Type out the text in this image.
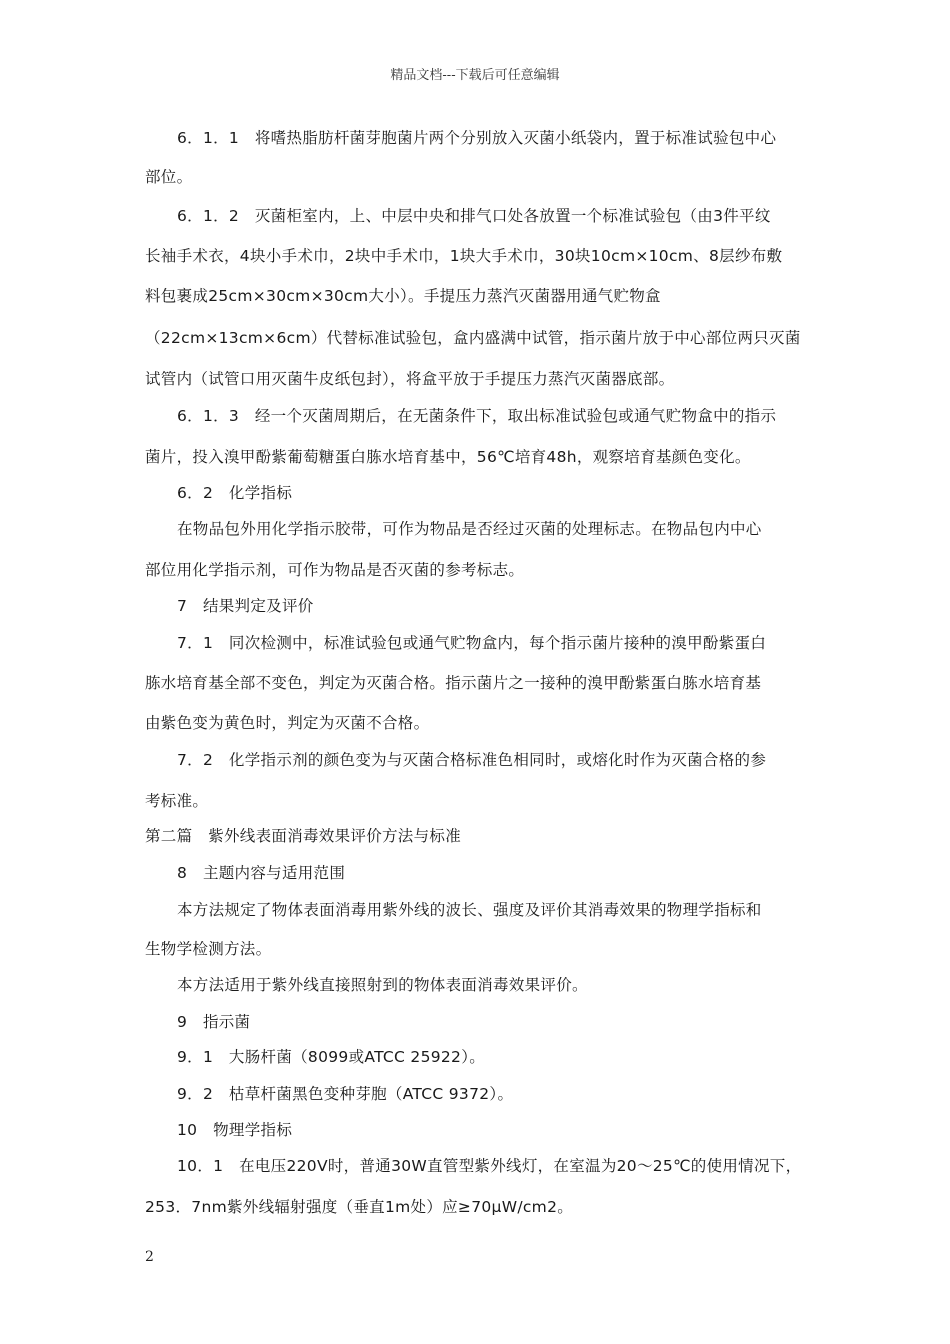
精品文档---下载后可任意编辑
6．1．1　将嗜热脂肪杆菌芽胞菌片两个分别放入灭菌小纸袋内，置于标准试验包中心
部位。
6．1．2　灭菌柜室内，上、中层中央和排气口处各放置一个标准试验包（由3件平纹
长袖手术衣，4块小手术巾，2块中手术巾，1块大手术巾，30块10cm×10cm、8层纱布敷
料包裹成25cm×30cm×30cm大小）。手提压力蒸汽灭菌器用通气贮物盒
（22cm×13cm×6cm）代替标准试验包，盒内盛满中试管，指示菌片放于中心部位两只灭菌
试管内（试管口用灭菌牛皮纸包封），将盒平放于手提压力蒸汽灭菌器底部。
6．1．3　经一个灭菌周期后，在无菌条件下，取出标准试验包或通气贮物盒中的指示
菌片，投入溴甲酚紫葡萄糖蛋白胨水培育基中，56℃培育48h，观察培育基颜色变化。
6．2　化学指标
在物品包外用化学指示胶带，可作为物品是否经过灭菌的处理标志。在物品包内中心
部位用化学指示剂，可作为物品是否灭菌的参考标志。
7　结果判定及评价
7．1　同次检测中，标准试验包或通气贮物盒内，每个指示菌片接种的溴甲酚紫蛋白
胨水培育基全部不变色，判定为灭菌合格。指示菌片之一接种的溴甲酚紫蛋白胨水培育基
由紫色变为黄色时，判定为灭菌不合格。
7．2　化学指示剂的颜色变为与灭菌合格标准色相同时，或熔化时作为灭菌合格的参
考标准。
第二篇　紫外线表面消毒效果评价方法与标准
8　主题内容与适用范围
本方法规定了物体表面消毒用紫外线的波长、强度及评价其消毒效果的物理学指标和
生物学检测方法。
本方法适用于紫外线直接照射到的物体表面消毒效果评价。
9　指示菌
9．1　大肠杆菌（8099或ATCC 25922）。
9．2　枯草杆菌黑色变种芽胞（ATCC 9372）。
10　物理学指标
10．1　在电压220V时，普通30W直管型紫外线灯，在室温为20～25℃的使用情况下，
253．7nm紫外线辐射强度（垂直1m处）应≥70μW/cm2。
2
